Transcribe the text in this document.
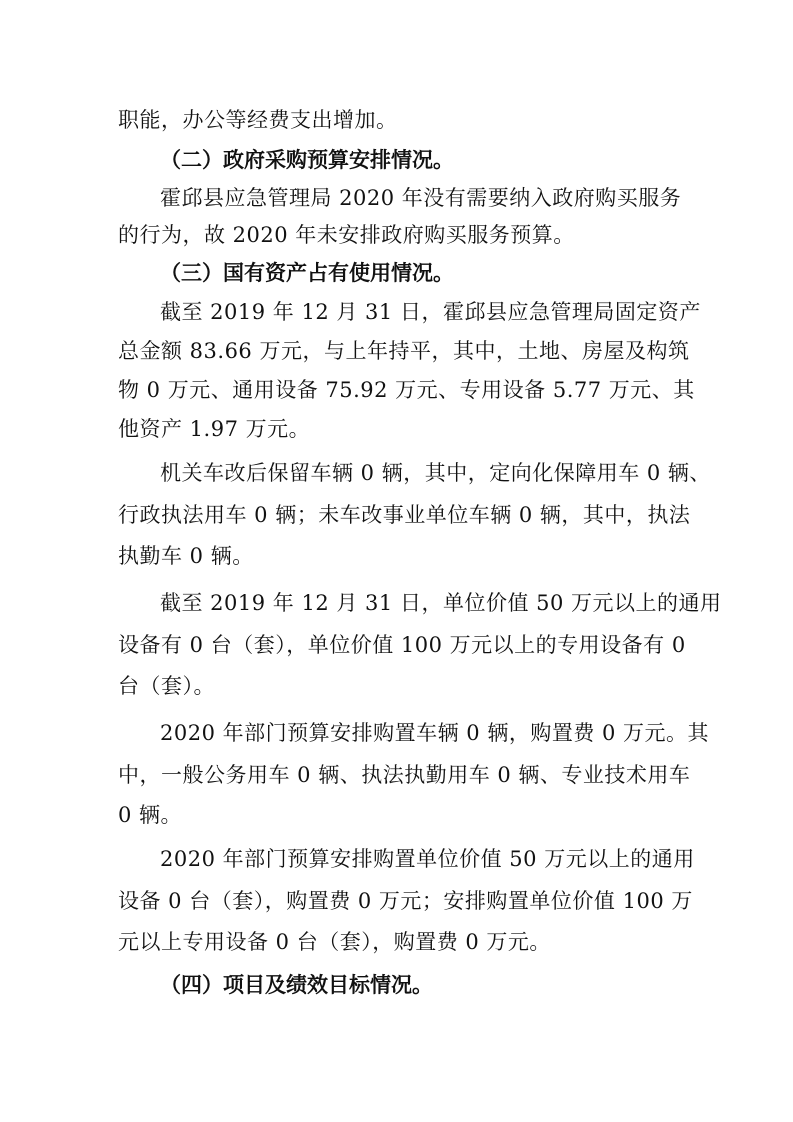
职能，办公等经费支出增加。
（二）政府采购预算安排情况。
霍邱县应急管理局 2020 年没有需要纳入政府购买服务
的行为，故 2020 年未安排政府购买服务预算。
（三）国有资产占有使用情况。
截至 2019 年 12 月 31 日，霍邱县应急管理局固定资产
总金额 83.66 万元，与上年持平，其中，土地、房屋及构筑
物 0 万元、通用设备 75.92 万元、专用设备 5.77 万元、其
他资产 1.97 万元。
机关车改后保留车辆 0 辆，其中，定向化保障用车 0 辆、
行政执法用车 0 辆；未车改事业单位车辆 0 辆，其中，执法
执勤车 0 辆。
截至 2019 年 12 月 31 日，单位价值 50 万元以上的通用
设备有 0 台（套），单位价值 100 万元以上的专用设备有 0
台（套）。
2020 年部门预算安排购置车辆 0 辆，购置费 0 万元。其
中，一般公务用车 0 辆、执法执勤用车 0 辆、专业技术用车
0 辆。
2020 年部门预算安排购置单位价值 50 万元以上的通用
设备 0 台（套），购置费 0 万元；安排购置单位价值 100 万
元以上专用设备 0 台（套），购置费 0 万元。
（四）项目及绩效目标情况。
